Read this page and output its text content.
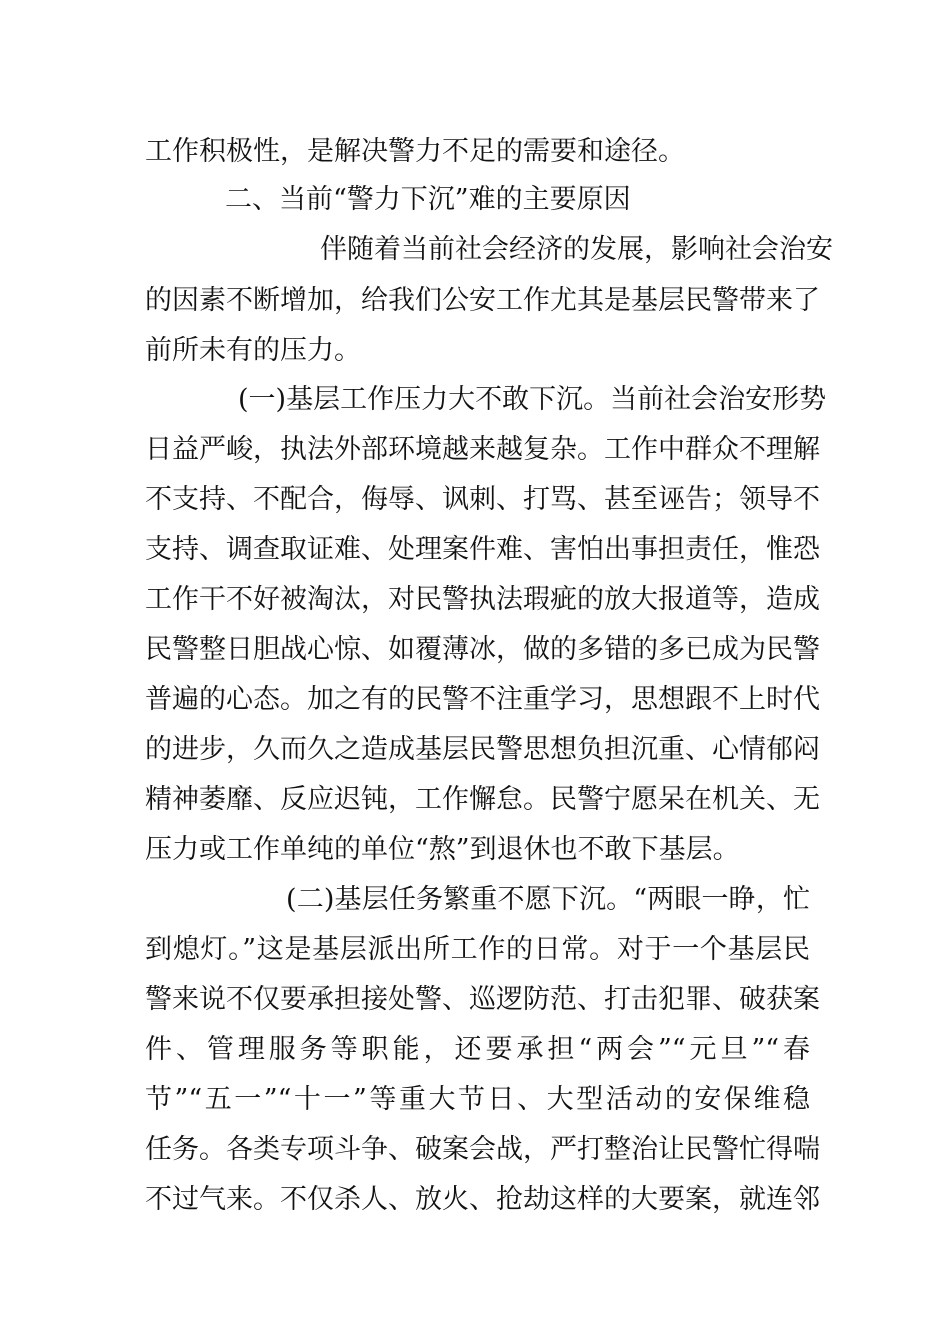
工作积极性，是解决警力不足的需要和途径。
二、当前“警力下沉”难的主要原因
伴随着当前社会经济的发展，影响社会治安
的因素不断增加，给我们公安工作尤其是基层民警带来了
前所未有的压力。
(一)基层工作压力大不敢下沉。当前社会治安形势
日益严峻，执法外部环境越来越复杂。工作中群众不理解
不支持、不配合，侮辱、讽刺、打骂、甚至诬告；领导不
支持、调查取证难、处理案件难、害怕出事担责任，惟恐
工作干不好被淘汰，对民警执法瑕疵的放大报道等，造成
民警整日胆战心惊、如覆薄冰，做的多错的多已成为民警
普遍的心态。加之有的民警不注重学习，思想跟不上时代
的进步，久而久之造成基层民警思想负担沉重、心情郁闷
精神萎靡、反应迟钝，工作懈怠。民警宁愿呆在机关、无
压力或工作单纯的单位“熬”到退休也不敢下基层。
(二)基层任务繁重不愿下沉。“两眼一睁，忙
到熄灯。”这是基层派出所工作的日常。对于一个基层民
警来说不仅要承担接处警、巡逻防范、打击犯罪、破获案
件、管理服务等职能，还要承担“两会”“元旦”“春
节”“五一”“十一”等重大节日、大型活动的安保维稳
任务。各类专项斗争、破案会战，严打整治让民警忙得喘
不过气来。不仅杀人、放火、抢劫这样的大要案，就连邻
